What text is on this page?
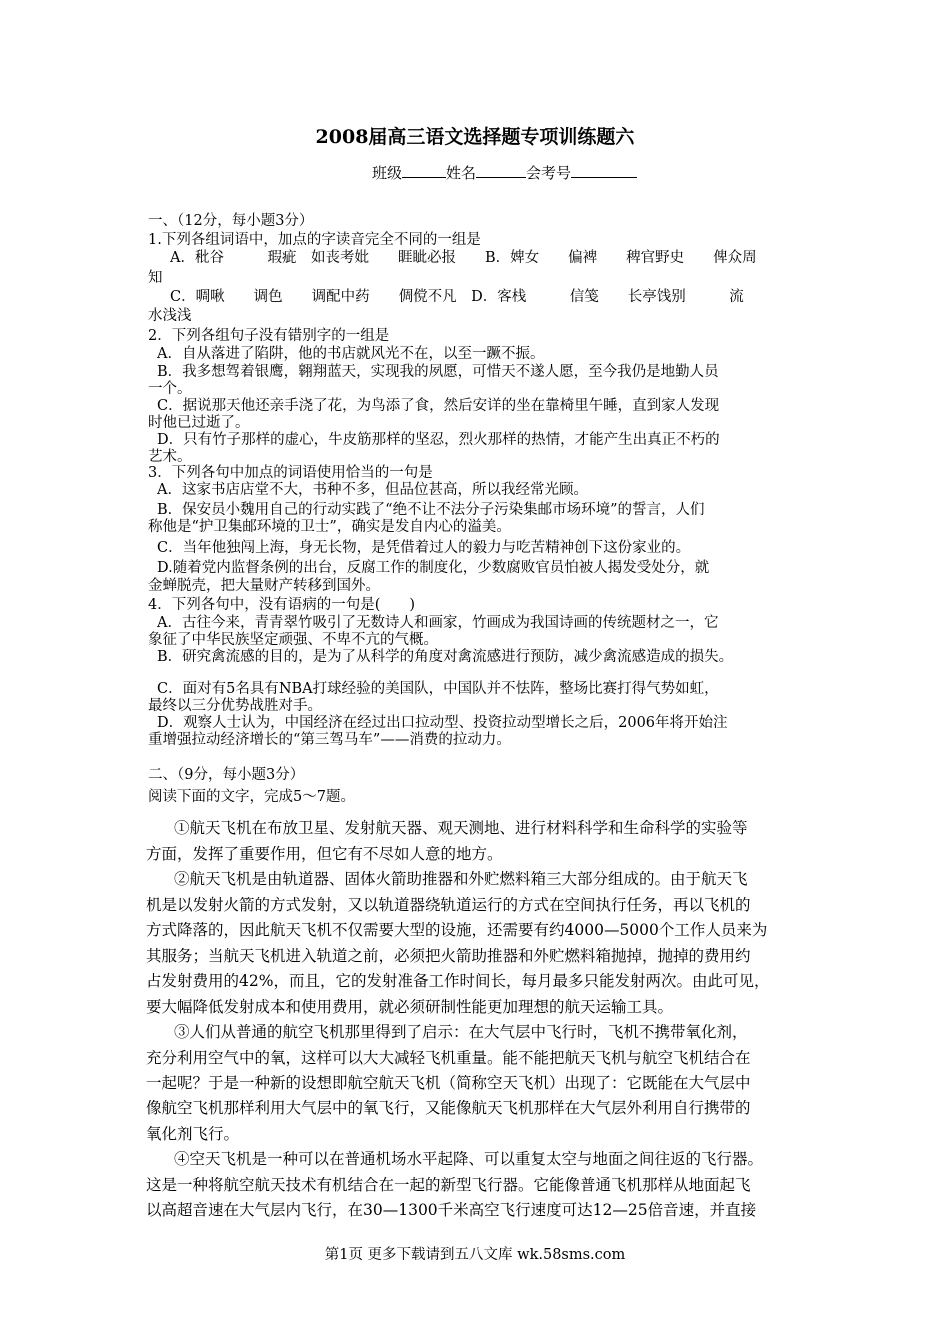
2008届高三语文选择题专项训练题六
班级	姓名	会考号
一、（12分，每小题3分）
1.下列各组词语中，加点的字读音完全不同的一组是
A．秕谷　　　瑕疵　如丧考妣　　睚眦必报　　B．婢女　　偏裨　　稗官野史　　俾众周
知
C．啁啾　　调色　　调配中药　　倜傥不凡　D．客栈　　　信笺　　长亭饯别　　　流
水浅浅
2．下列各组句子没有错别字的一组是
A．自从落进了陷阱，他的书店就风光不在，以至一蹶不振。
B．我多想驾着银鹰，翱翔蓝天，实现我的夙愿，可惜天不遂人愿，至今我仍是地勤人员
一个。
C．据说那天他还亲手浇了花，为鸟添了食，然后安详的坐在靠椅里午睡，直到家人发现
时他已过逝了。
D．只有竹子那样的虚心，牛皮筋那样的坚忍，烈火那样的热情，才能产生出真正不朽的
艺术。
3．下列各句中加点的词语使用恰当的一句是
A．这家书店店堂不大，书种不多，但品位甚高，所以我经常光顾。
B．保安员小魏用自己的行动实践了“绝不让不法分子污染集邮市场环境”的誓言，人们
称他是“护卫集邮环境的卫士”，确实是发自内心的溢美。
C．当年他独闯上海，身无长物，是凭借着过人的毅力与吃苦精神创下这份家业的。
D.随着党内监督条例的出台，反腐工作的制度化，少数腐败官员怕被人揭发受处分，就
金蝉脱壳，把大量财产转移到国外。
4．下列各句中，没有语病的一句是(　　)
A．古往今来，青青翠竹吸引了无数诗人和画家，竹画成为我国诗画的传统题材之一，它
象征了中华民族坚定顽强、不卑不亢的气概。
B．研究禽流感的目的，是为了从科学的角度对禽流感进行预防，减少禽流感造成的损失。
C．面对有5名具有NBA打球经验的美国队，中国队并不怯阵，整场比赛打得气势如虹，
最终以三分优势战胜对手。
D．观察人士认为，中国经济在经过出口拉动型、投资拉动型增长之后，2006年将开始注
重增强拉动经济增长的“第三驾马车”——消费的拉动力。
二、（9分，每小题3分）
阅读下面的文字，完成5～7题。
①航天飞机在布放卫星、发射航天器、观天测地、进行材料科学和生命科学的实验等
方面，发挥了重要作用，但它有不尽如人意的地方。
②航天飞机是由轨道器、固体火箭助推器和外贮燃料箱三大部分组成的。由于航天飞
机是以发射火箭的方式发射，又以轨道器绕轨道运行的方式在空间执行任务，再以飞机的
方式降落的，因此航天飞机不仅需要大型的设施，还需要有约4000—5000个工作人员来为
其服务；当航天飞机进入轨道之前，必须把火箭助推器和外贮燃料箱抛掉，抛掉的费用约
占发射费用的42%，而且，它的发射准备工作时间长，每月最多只能发射两次。由此可见，
要大幅降低发射成本和使用费用，就必须研制性能更加理想的航天运输工具。
③人们从普通的航空飞机那里得到了启示：在大气层中飞行时，飞机不携带氧化剂，
充分利用空气中的氧，这样可以大大减轻飞机重量。能不能把航天飞机与航空飞机结合在
一起呢？于是一种新的设想即航空航天飞机（简称空天飞机）出现了：它既能在大气层中
像航空飞机那样利用大气层中的氧飞行，又能像航天飞机那样在大气层外利用自行携带的
氧化剂飞行。
④空天飞机是一种可以在普通机场水平起降、可以重复太空与地面之间往返的飞行器。
这是一种将航空航天技术有机结合在一起的新型飞行器。它能像普通飞机那样从地面起飞
以高超音速在大气层内飞行，在30—1300千米高空飞行速度可达12—25倍音速，并直接
第1页 更多下载请到五八文库 wk.58sms.com
